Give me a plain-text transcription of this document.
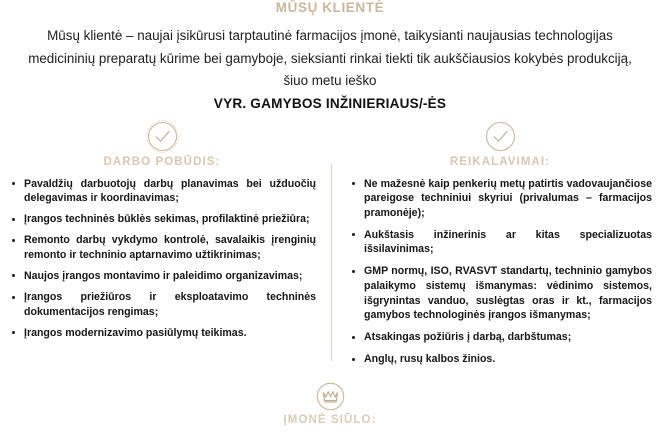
MŪSŲ KLIENTĖ

Mūsų klientė – naujai įsikūrusi tarptautinė farmacijos įmonė, taikysianti naujausias technologijas medicininių preparatų kūrime bei gamyboje, sieksianti rinkai tiekti tik aukščiausios kokybės produkciją, šiuo metu ieško

VYR. GAMYBOS INŽINIERIAUS/-ĖS

DARBO POBŪDIS:
Pavaldžių darbuotojų darbų planavimas bei užduočių delegavimas ir koordinavimas;
Įrangos techninės būklės sekimas, profilaktinė priežiūra;
Remonto darbų vykdymo kontrolė, savalaikis įrenginių remonto ir techninio aptarnavimo užtikrinimas;
Naujos įrangos montavimo ir paleidimo organizavimas;
Įrangos priežiūros ir eksploatavimo techninės dokumentacijos rengimas;
Įrangos modernizavimo pasiūlymų teikimas.
REIKALAVIMAI:
Ne mažesnė kaip penkerių metų patirtis vadovaujančiose pareigose techniniui skyriui (privalumas – farmacijos pramonėje);
Aukštasis inžinerinis ar kitas specializuotas išsilavinimas;
GMP normų, ISO, RVASVT standartų, techninio gamybos palaikymo sistemų išmanymas: vėdinimo sistemos, išgrynintas vanduo, suslėgtas oras ir kt., farmacijos gamybos technologinės įrangos išmanymas;
Atsakingas požiūris į darbą, darbštumas;
Anglų, rusų kalbos žinios.
ĮMONĖ SIŪLO:
